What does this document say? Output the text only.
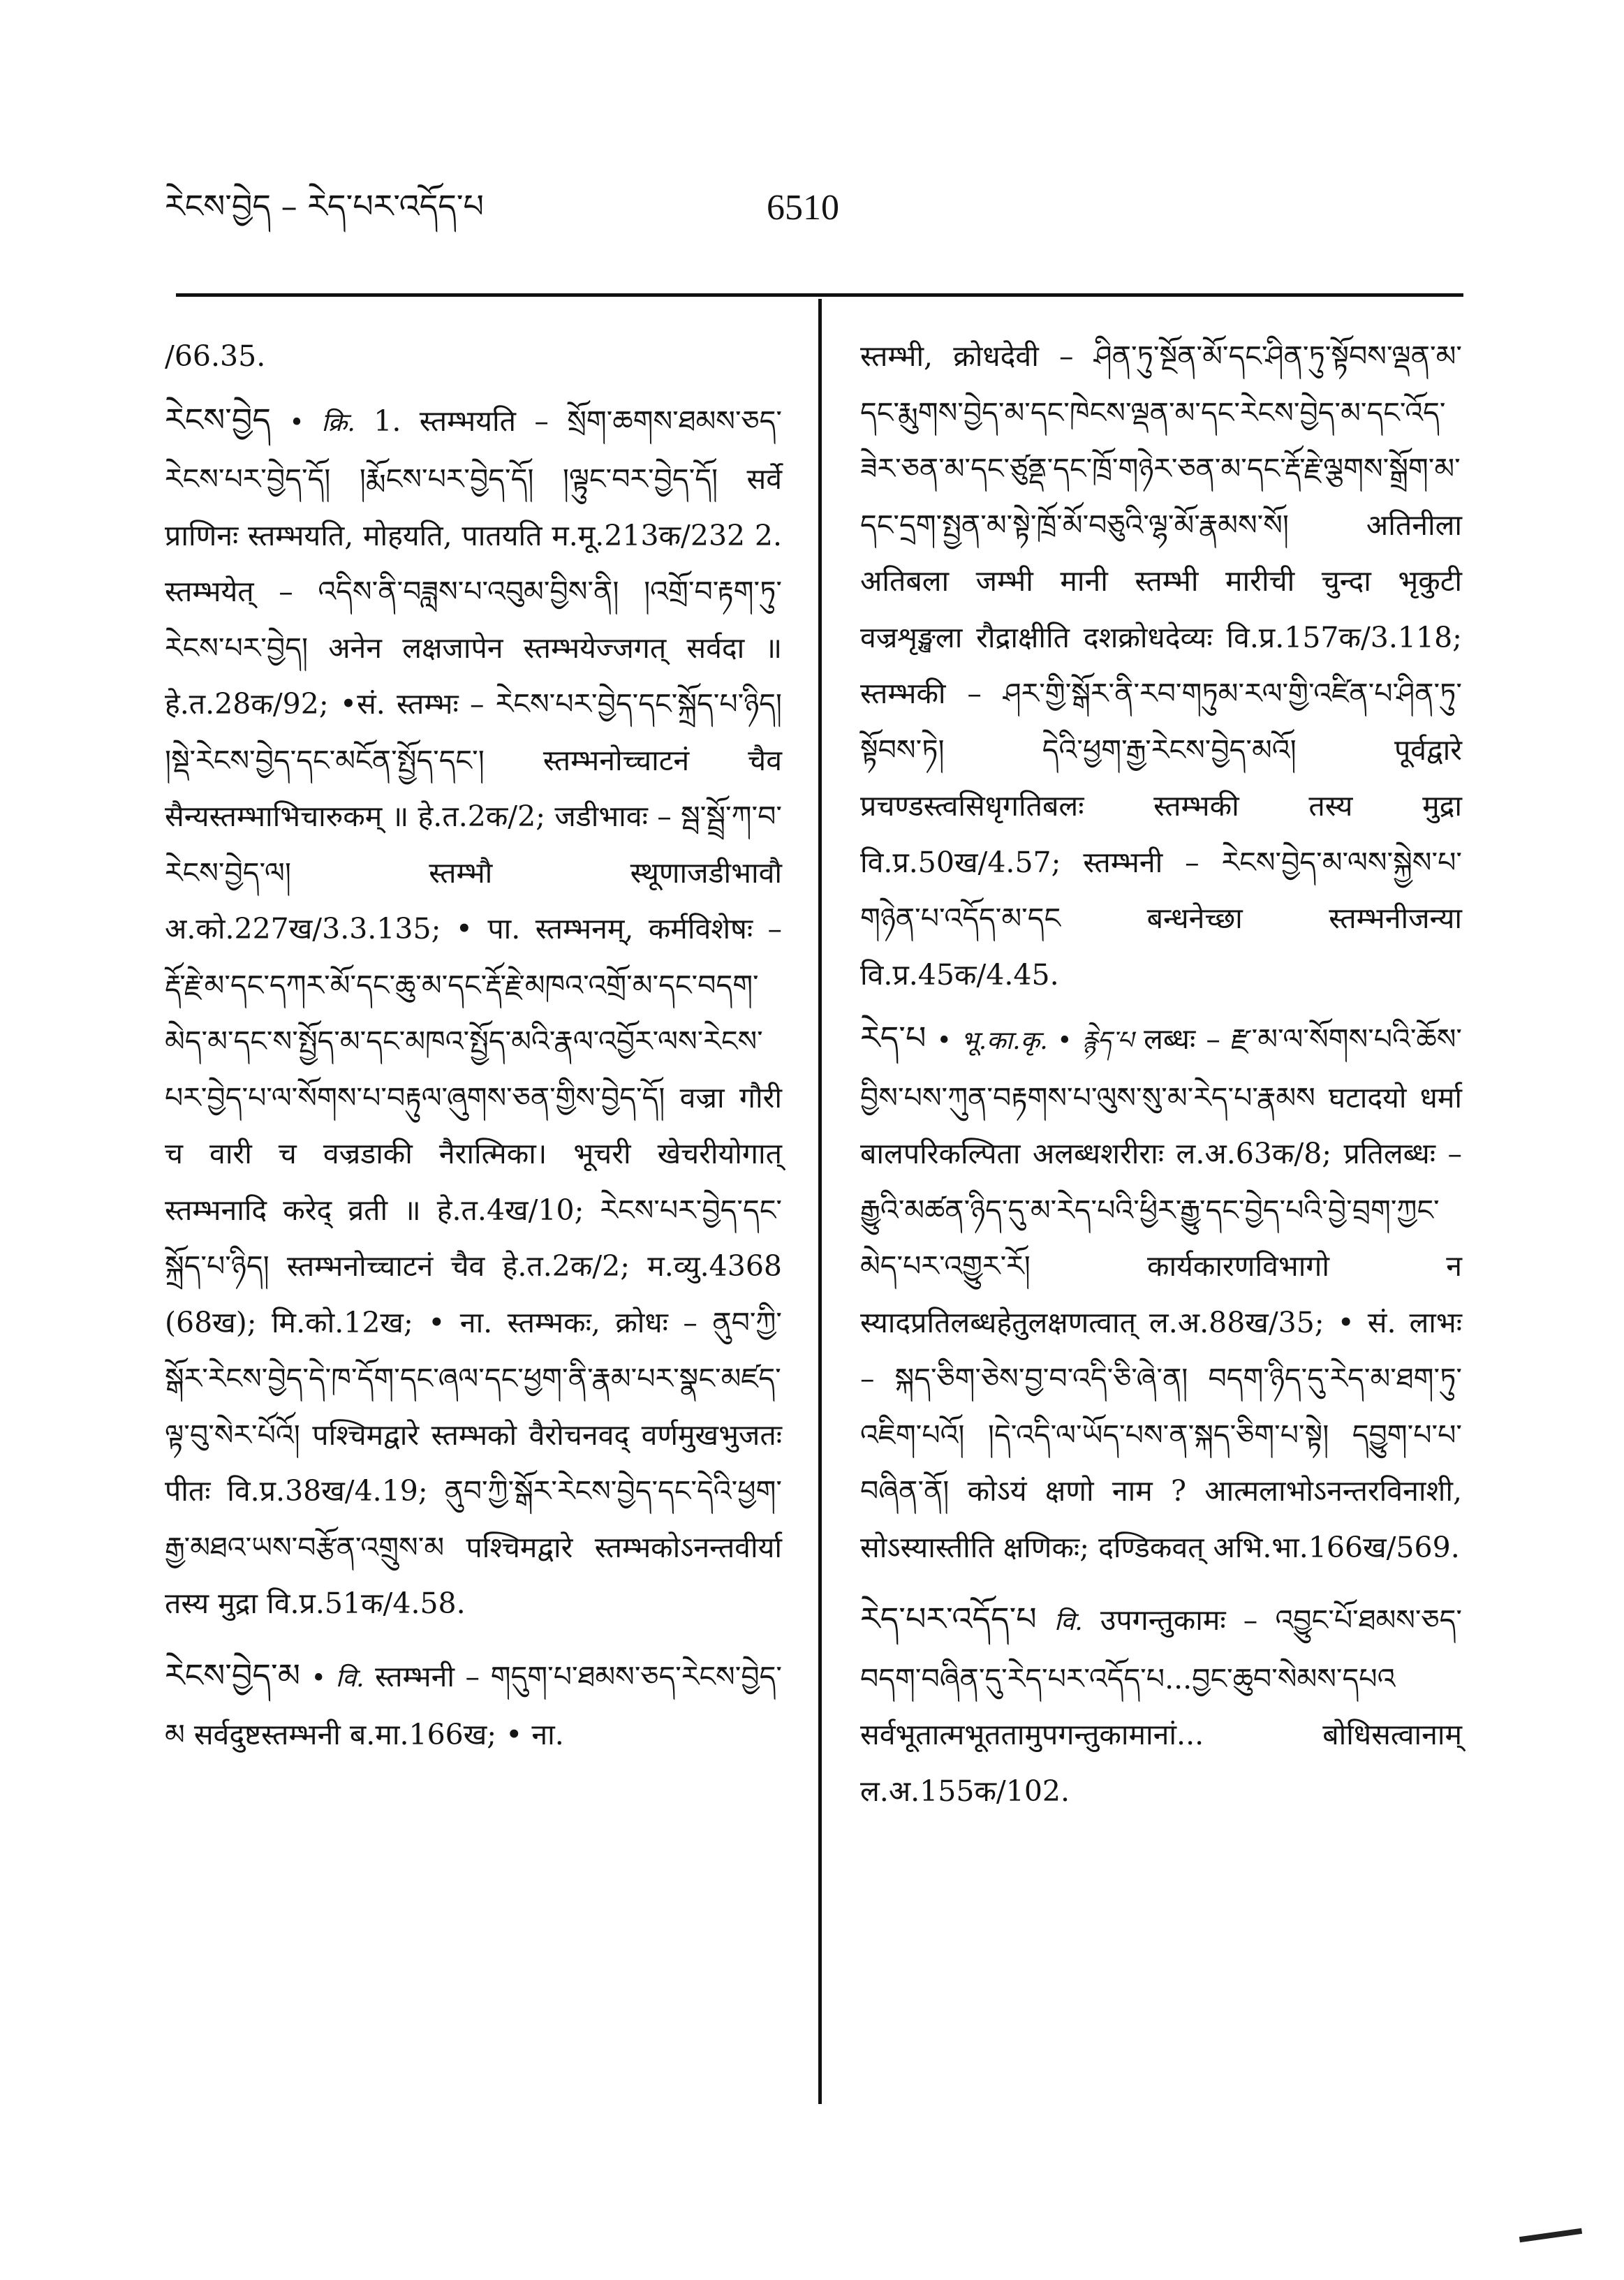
རེངས་བྱེད – རེད་པར་འདོད་པ	6510
/66.35.
རེངས་བྱེད • क्रि. 1. स्तम्भयति – སྲོག་ཆགས་ཐམས་ཅད་རེངས་པར་བྱེད་དོ། །རྨོངས་པར་བྱེད་དོ། །ལྟུང་བར་བྱེད་དོ། सर्वे प्राणिनः स्तम्भयति, मोहयति, पातयति म.मू.213क/232 2. स्तम्भयेत् – འདིས་ནི་བཟླས་པ་འབུམ་བྱིས་ནི། །འགྲོ་བ་རྟག་ཏུ་རེངས་པར་བྱེད། अनेन लक्षजापेन स्तम्भयेज्जगत् सर्वदा ॥ हे.त.28क/92; •सं. स्तम्भः – རེངས་པར་བྱེད་དང་སྐྲོད་པ་ཉིད། །སྡེ་རེངས་བྱེད་དང་མངོན་སྤྱོད་དང་། स्तम्भनोच्चाटनं चैव सैन्यस्तम्भाभिचारुकम् ॥ हे.त.2क/2; जडीभावः – སྦ་སྦྲོ་ཀ་བ་རེངས་བྱེད་ལ། स्तम्भौ स्थूणाजडीभावौ अ.को.227ख/3.3.135; • पा. स्तम्भनम्, कर्मविशेषः – རྡོ་རྗེ་མ་དང་དཀར་མོ་དང་ཆུ་མ་དང་རྡོ་རྗེ་མཁའ་འགྲོ་མ་དང་བདག་མེད་མ་དང་ས་སྤྱོད་མ་དང་མཁའ་སྤྱོད་མའི་རྣལ་འབྱོར་ལས་རེངས་པར་བྱེད་པ་ལ་སོགས་པ་བརྟུལ་ཞུགས་ཅན་གྱིས་བྱེད་དོ། वज्रा गौरी च वारी च वज्रडाकी नैरात्मिका। भूचरी खेचरीयोगात् स्तम्भनादि करेद् व्रती ॥ हे.त.4ख/10; རེངས་པར་བྱེད་དང་སྐྲོད་པ་ཉིད། स्तम्भनोच्चाटनं चैव हे.त.2क/2; म.व्यु.4368 (68ख); मि.को.12ख; • ना. स्तम्भकः, क्रोधः – ནུབ་ཀྱི་སྒོར་རེངས་བྱེད་དེ་ཁ་དོག་དང་ཞལ་དང་ཕྱག་ནི་རྣམ་པར་སྣང་མཛད་ལྟ་བུ་སེར་པོའོ། पश्चिमद्वारे स्तम्भको वैरोचनवद् वर्णमुखभुजतः पीतः वि.प्र.38ख/4.19; ནུབ་ཀྱི་སྒོར་རེངས་བྱེད་དང་དེའི་ཕྱག་རྒྱ་མཐའ་ཡས་བརྩོན་འགྲུས་མ पश्चिमद्वारे स्तम्भकोऽनन्तवीर्या तस्य मुद्रा वि.प्र.51क/4.58.
རེངས་བྱེད་མ • वि. स्तम्भनी – གདུག་པ་ཐམས་ཅད་རེངས་བྱེད་མ सर्वदुष्टस्तम्भनी ब.मा.166ख; • ना.
स्तम्भी, क्रोधदेवी – ཤིན་ཏུ་སྔོན་མོ་དང་ཤིན་ཏུ་སྟོབས་ལྡན་མ་དང་རྨུགས་བྱེད་མ་དང་ཁེངས་ལྡན་མ་དང་རེངས་བྱེད་མ་དང་འོད་ཟེར་ཅན་མ་དང་ཙུནྡ་དང་ཁྲོ་གཉེར་ཅན་མ་དང་རྡོ་རྗེ་ལྕགས་སྒྲོག་མ་དང་དྲག་སྤྱན་མ་སྟེ་ཁྲོ་མོ་བཅུའི་ལྷ་མོ་རྣམས་སོ། अतिनीला अतिबला जम्भी मानी स्तम्भी मारीची चुन्दा भृकुटी वज्रशृङ्खला रौद्राक्षीति दशक्रोधदेव्यः वि.प्र.157क/3.118; स्तम्भकी – ཤར་གྱི་སྒོར་ནི་རབ་གཏུམ་རལ་གྱི་འཛིན་པ་ཤིན་ཏུ་སྟོབས་ཏེ། དེའི་ཕྱག་རྒྱ་རེངས་བྱེད་མའོ། पूर्वद्वारे प्रचण्डस्त्वसिधृगतिबलः स्तम्भकी तस्य मुद्रा वि.प्र.50ख/4.57; स्तम्भनी – རེངས་བྱེད་མ་ལས་སྐྱེས་པ་གཉེན་པ་འདོད་མ་དང बन्धनेच्छा स्तम्भनीजन्या वि.प्र.45क/4.45.
རེད་པ • भू.का.कृ. • རྙེད་པ लब्धः – རྫ་མ་ལ་སོགས་པའི་ཆོས་བྱིས་པས་ཀུན་བརྟགས་པ་ལུས་སུ་མ་རེད་པ་རྣམས घटादयो धर्मा बालपरिकल्पिता अलब्धशरीराः ल.अ.63क/8; प्रतिलब्धः – རྒྱུའི་མཚན་ཉིད་དུ་མ་རེད་པའི་ཕྱིར་རྒྱུ་དང་བྱེད་པའི་བྱེ་བྲག་ཀྱང་མེད་པར་འགྱུར་རོ། कार्यकारणविभागो न स्यादप्रतिलब्धहेतुलक्षणत्वात् ल.अ.88ख/35; • सं. लाभः – སྐད་ཅིག་ཅེས་བྱ་བ་འདི་ཅི་ཞེ་ན། བདག་ཉིད་དུ་རེད་མ་ཐག་ཏུ་འཇིག་པའོ། །དེ་འདི་ལ་ཡོད་པས་ན་སྐད་ཅིག་པ་སྟེ། དབྱུག་པ་པ་བཞིན་ནོ། कोऽयं क्षणो नाम ? आत्मलाभोऽनन्तरविनाशी, सोऽस्यास्तीति क्षणिकः; दण्डिकवत् अभि.भा.166ख/569.
རེད་པར་འདོད་པ वि. उपगन्तुकामः – འབྱུང་པོ་ཐམས་ཅད་བདག་བཞིན་དུ་རེད་པར་འདོད་པ...བྱང་ཆུབ་སེམས་དཔའ सर्वभूतात्मभूततामुपगन्तुकामानां... बोधिसत्वानाम् ल.अ.155क/102.
